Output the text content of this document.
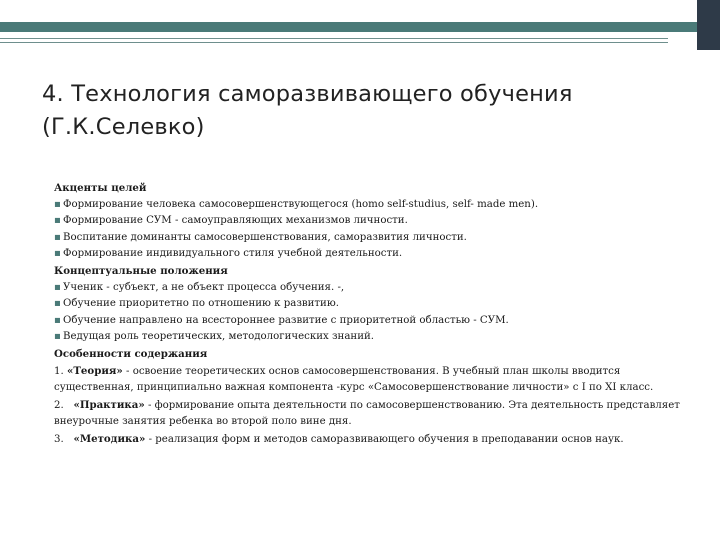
4. Технология саморазвивающего обучения
(Г.К.Селевко)

Акценты целей

▪ Формирование человека самосовершенствующегося (homo self-studius, self- made men).

▪ Формирование СУМ - самоуправляющих механизмов личности.

▪ Воспитание доминанты самосовершенствования, саморазвития личности.

▪ Формирование индивидуального стиля учебной деятельности.

Концептуальные положения

▪ Ученик - субъект, а не объект процесса обучения. -,

▪ Обучение приоритетно по отношению к развитию.

▪ Обучение направлено на всестороннее развитие с приоритетной областью - СУМ.

▪ Ведущая роль теоретических, методологических знаний.

Особенности содержания

1. «Теория» - освоение теоретических основ самосовершенствования. В учебный план школы вводится существенная, принципиально важная компонента -курс «Самосовершенствование личности» с I по XI класс.

2. «Практика» - формирование опыта деятельности по самосовершенствованию. Эта деятельность представляет внеурочные занятия ребенка во второй поло вине дня.

3. «Методика» - реализация форм и методов саморазвивающего обучения в преподавании основ наук.
